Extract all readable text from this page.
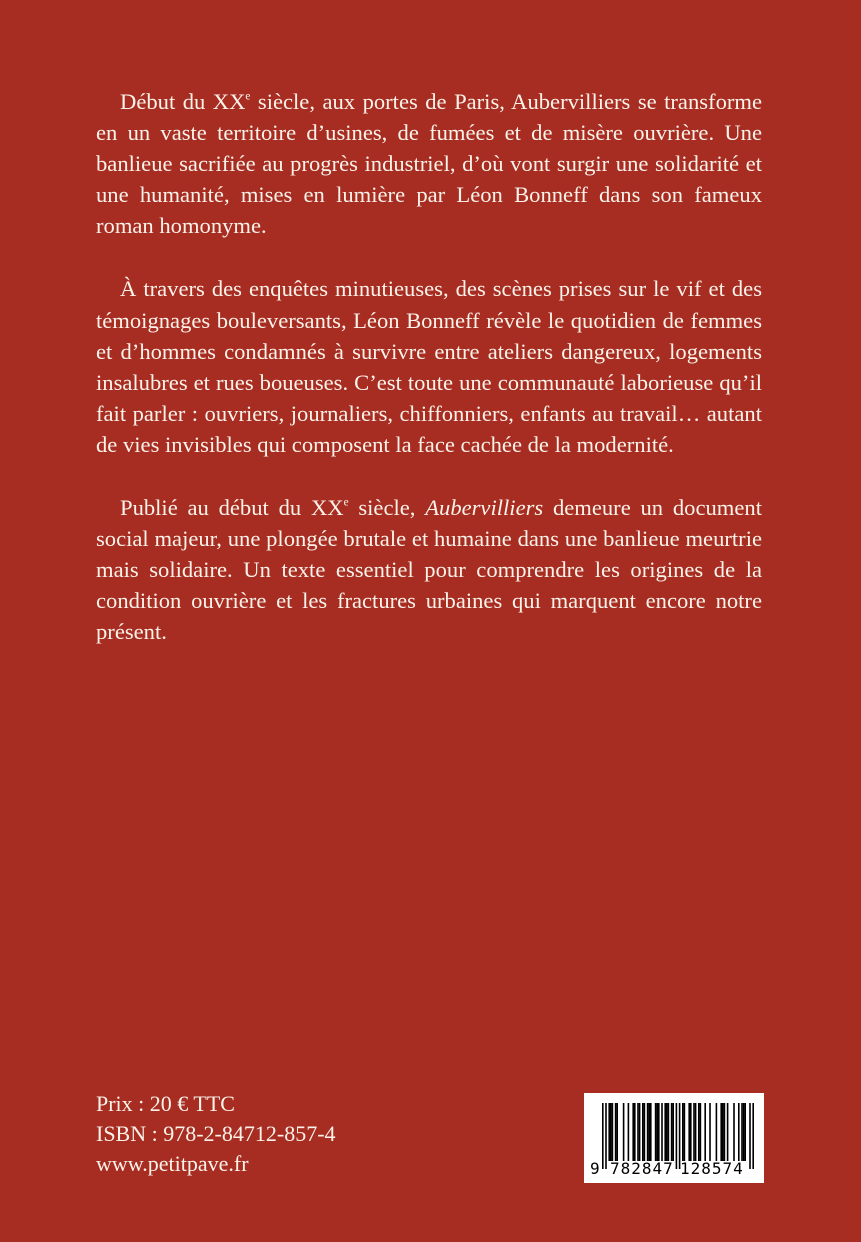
Début du XXe siècle, aux portes de Paris, Aubervilliers se transforme en un vaste territoire d’usines, de fumées et de misère ouvrière. Une banlieue sacrifiée au progrès industriel, d’où vont surgir une solidarité et une humanité, mises en lumière par Léon Bonneff dans son fameux roman homonyme.

À travers des enquêtes minutieuses, des scènes prises sur le vif et des témoignages bouleversants, Léon Bonneff révèle le quotidien de femmes et d’hommes condamnés à survivre entre ateliers dangereux, logements insalubres et rues boueuses. C’est toute une communauté laborieuse qu’il fait parler : ouvriers, journaliers, chiffonniers, enfants au travail… autant de vies invisibles qui composent la face cachée de la modernité.

Publié au début du XXe siècle, Aubervilliers demeure un document social majeur, une plongée brutale et humaine dans une banlieue meurtrie mais solidaire. Un texte essentiel pour comprendre les origines de la condition ouvrière et les fractures urbaines qui marquent encore notre présent.

Prix : 20 € TTC
ISBN : 978-2-84712-857-4
www.petitpave.fr	9 782847 128574
